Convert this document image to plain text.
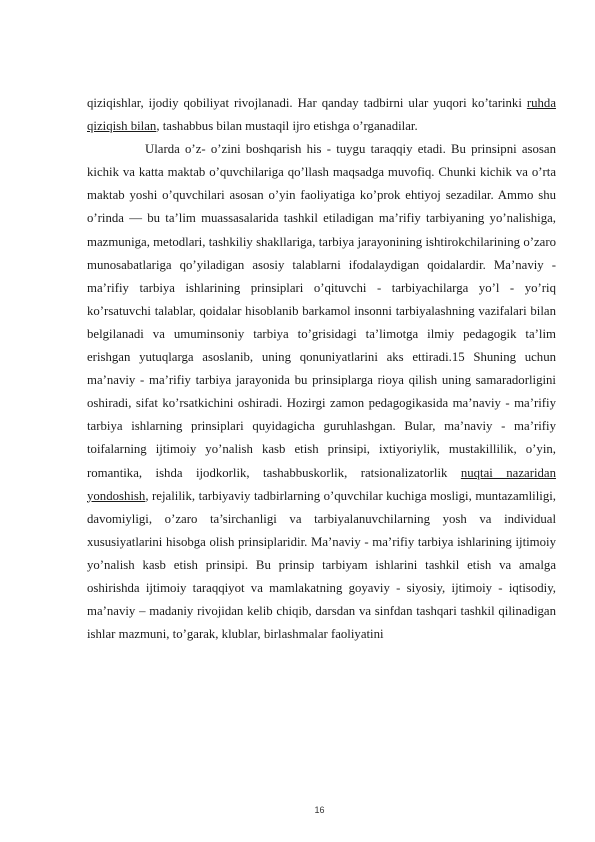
qiziqishlar, ijodiy qobiliyat rivojlanadi. Har qanday tadbirni ular yuqori ko’tarinki ruhda qiziqish bilan, tashabbus bilan mustaqil ijro etishga o’rganadilar.

Ularda o’z- o’zini boshqarish his - tuygu taraqqiy etadi. Bu prinsipni asosan kichik va katta maktab o’quvchilariga qo’llash maqsadga muvofiq. Chunki kichik va o’rta maktab yoshi o’quvchilari asosan o’yin faoliyatiga ko’prok ehtiyoj sezadilar. Ammo shu o’rinda — bu ta’lim muassasalarida tashkil etiladigan ma’rifiy tarbiyaning yo’nalishiga, mazmuniga, metodlari, tashkiliy shakllariga, tarbiya jarayonining ishtirokchilarining o’zaro munosabatlariga qo’yiladigan asosiy talablarni ifodalaydigan qoidalardir. Ma’naviy - ma’rifiy tarbiya ishlarining prinsiplari o’qituvchi - tarbiyachilarga yo’l - yo’riq ko’rsatuvchi talablar, qoidalar hisoblanib barkamol insonni tarbiyalashning vazifalari bilan belgilanadi va umuminsoniy tarbiya to’grisidagi ta’limotga ilmiy pedagogik ta’lim erishgan yutuqlarga asoslanib, uning qonuniyatlarini aks ettiradi.15 Shuning uchun ma’naviy - ma’rifiy tarbiya jarayonida bu prinsiplarga rioya qilish uning samaradorligini oshiradi, sifat ko’rsatkichini oshiradi. Hozirgi zamon pedagogikasida ma’naviy - ma’rifiy tarbiya ishlarning prinsiplari quyidagicha guruhlashgan. Bular, ma’naviy - ma’rifiy toifalarning ijtimoiy yo’nalish kasb etish prinsipi, ixtiyoriylik, mustakillilik, o’yin, romantika, ishda ijodkorlik, tashabbuskorlik, ratsionalizatorlik nuqtai nazaridan yondoshish, rejalilik, tarbiyaviy tadbirlarning o’quvchilar kuchiga mosligi, muntazamliligi, davomiyligi, o’zaro ta’sirchanligi va tarbiyalanuvchilarning yosh va individual xususiyatlarini hisobga olish prinsiplaridir. Ma’naviy - ma’rifiy tarbiya ishlarining ijtimoiy yo’nalish kasb etish prinsipi. Bu prinsip tarbiyam ishlarini tashkil etish va amalga oshirishda ijtimoiy taraqqiyot va mamlakatning goyaviy - siyosiy, ijtimoiy - iqtisodiy, ma’naviy – madaniy rivojidan kelib chiqib, darsdan va sinfdan tashqari tashkil qilinadigan ishlar mazmuni, to’garak, klublar, birlashmalar faoliyatini

16
